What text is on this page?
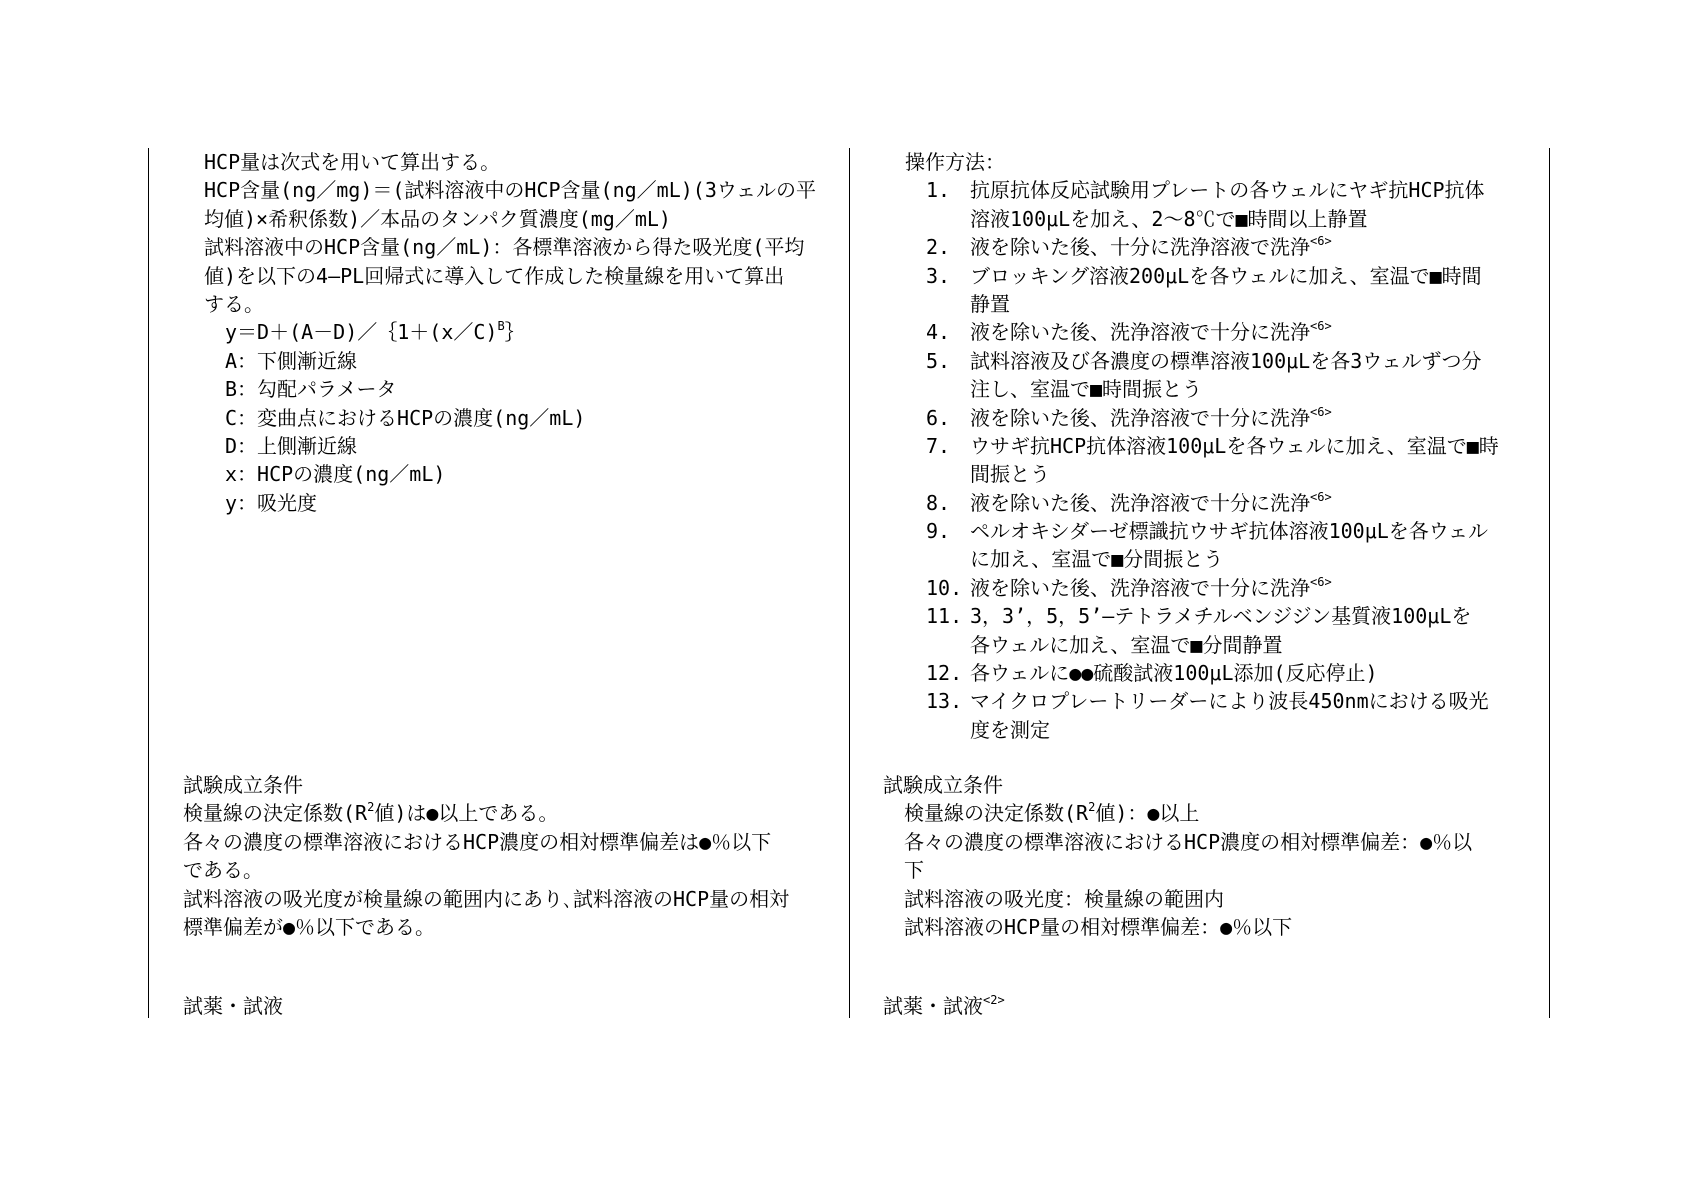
HCP量は次式を用いて算出する。
HCP含量(ng／mg)＝(試料溶液中のHCP含量(ng／mL)(3ウェルの平
均値)×希釈係数)／本品のタンパク質濃度(mg／mL)
試料溶液中のHCP含量(ng／mL)：各標準溶液から得た吸光度(平均
値)を以下の4―PL回帰式に導入して作成した検量線を用いて算出
する。
y＝D＋(A－D)／｛1＋(x／C)$^B$｝
A：下側漸近線
B：勾配パラメータ
C：変曲点におけるHCPの濃度(ng／mL)
D：上側漸近線
x：HCPの濃度(ng／mL)
y：吸光度
試験成立条件
検量線の決定係数($R^2$値)は●以上である。
各々の濃度の標準溶液におけるHCP濃度の相対標準偏差は●％以下
である。
試料溶液の吸光度が検量線の範囲内にあり､試料溶液のHCP量の相対
標準偏差が●％以下である。
試薬・試液
操作方法：
1. 抗原抗体反応試験用プレートの各ウェルにヤギ抗HCP抗体
溶液100μLを加え、2～8℃で■時間以上静置
2. 液を除いた後、十分に洗浄溶液で洗浄$^{<6>}$
3. ブロッキング溶液200μLを各ウェルに加え、室温で■時間
静置
4. 液を除いた後、洗浄溶液で十分に洗浄$^{<6>}$
5. 試料溶液及び各濃度の標準溶液100μLを各3ウェルずつ分
注し、室温で■時間振とう
6. 液を除いた後、洗浄溶液で十分に洗浄$^{<6>}$
7. ウサギ抗HCP抗体溶液100μLを各ウェルに加え、室温で■時
間振とう
8. 液を除いた後、洗浄溶液で十分に洗浄$^{<6>}$
9. ペルオキシダーゼ標識抗ウサギ抗体溶液100μLを各ウェル
に加え、室温で■分間振とう
10. 液を除いた後、洗浄溶液で十分に洗浄$^{<6>}$
11. 3，3’，5，5’―テトラメチルベンジジン基質液100μLを
各ウェルに加え、室温で■分間静置
12. 各ウェルに●●硫酸試液100μL添加(反応停止)
13. マイクロプレートリーダーにより波長450nmにおける吸光
度を測定
試験成立条件
検量線の決定係数($R^2$値)：●以上
各々の濃度の標準溶液におけるHCP濃度の相対標準偏差：●％以
下
試料溶液の吸光度：検量線の範囲内
試料溶液のHCP量の相対標準偏差：●％以下
試薬・試液$^{<2>}$
